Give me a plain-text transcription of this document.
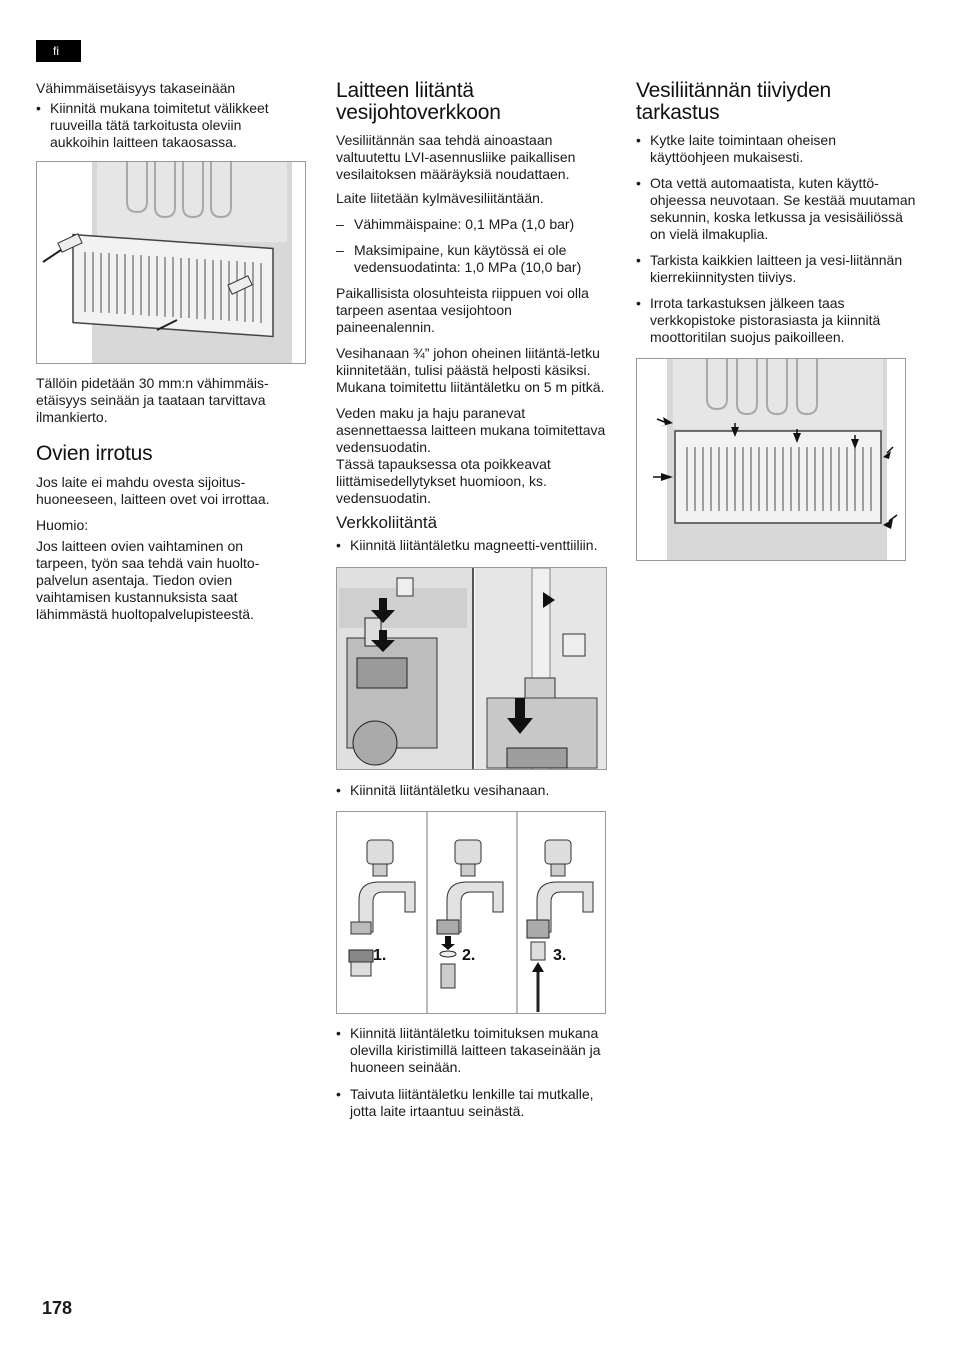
fi
Vähimmäisetäisyys takaseinään
• Kiinnitä mukana toimitetut välikkeet ruuveilla tätä tarkoitusta oleviin aukkoihin laitteen takaosassa.

Tällöin pidetään 30 mm:n vähimmäis-etäisyys seinään ja taataan tarvittava ilmankierto.

Ovien irrotus

Jos laite ei mahdu ovesta sijoitus-huoneeseen, laitteen ovet voi irrottaa.

Huomio:

Jos laitteen ovien vaihtaminen on tarpeen, työn saa tehdä vain huolto-palvelun asentaja. Tiedon ovien vaihtamisen kustannuksista saat lähimmästä huoltopalvelupisteestä.

Laitteen liitäntä
vesijohtoverkkoon

Vesiliitännän saa tehdä ainoastaan valtuutettu LVI-asennusliike paikallisen vesilaitoksen määräyksiä noudattaen.

Laite liitetään kylmävesiliitäntään.

– Vähimmäispaine: 0,1 MPa (1,0 bar)
– Maksimipaine, kun käytössä ei ole vedensuodatinta: 1,0 MPa (10,0 bar)

Paikallisista olosuhteista riippuen voi olla tarpeen asentaa vesijohtoon paineenalennin.

Vesihanaan ¾” johon oheinen liitäntä-letku kiinnitetään, tulisi päästä helposti käsiksi. Mukana toimitettu liitäntäletku on 5 m pitkä.

Veden maku ja haju paranevat asennettaessa laitteen mukana toimitettava vedensuodatin.

Tässä tapauksessa ota poikkeavat liittämisedellytykset huomioon, ks. vedensuodatin.

Verkkoliitäntä
• Kiinnitä liitäntäletku magneetti-venttiiliin.
• Kiinnitä liitäntäletku vesihanaan.
1.	2.	3.
• Kiinnitä liitäntäletku toimituksen mukana olevilla kiristimillä laitteen takaseinään ja huoneen seinään.
• Taivuta liitäntäletku lenkille tai mutkalle, jotta laite irtaantuu seinästä.
Vesiliitännän tiiviyden
tarkastus
• Kytke laite toimintaan oheisen käyttöohjeen mukaisesti.
• Ota vettä automaatista, kuten käyttö-ohjeessa neuvotaan. Se kestää muutaman sekunnin, koska letkussa ja vesisäiliössä on vielä ilmakuplia.
• Tarkista kaikkien laitteen ja vesi-liitännän kierrekiinnitysten tiiviys.
• Irrota tarkastuksen jälkeen taas verkkopistoke pistorasiasta ja kiinnitä moottoritilan suojus paikoilleen.
178
